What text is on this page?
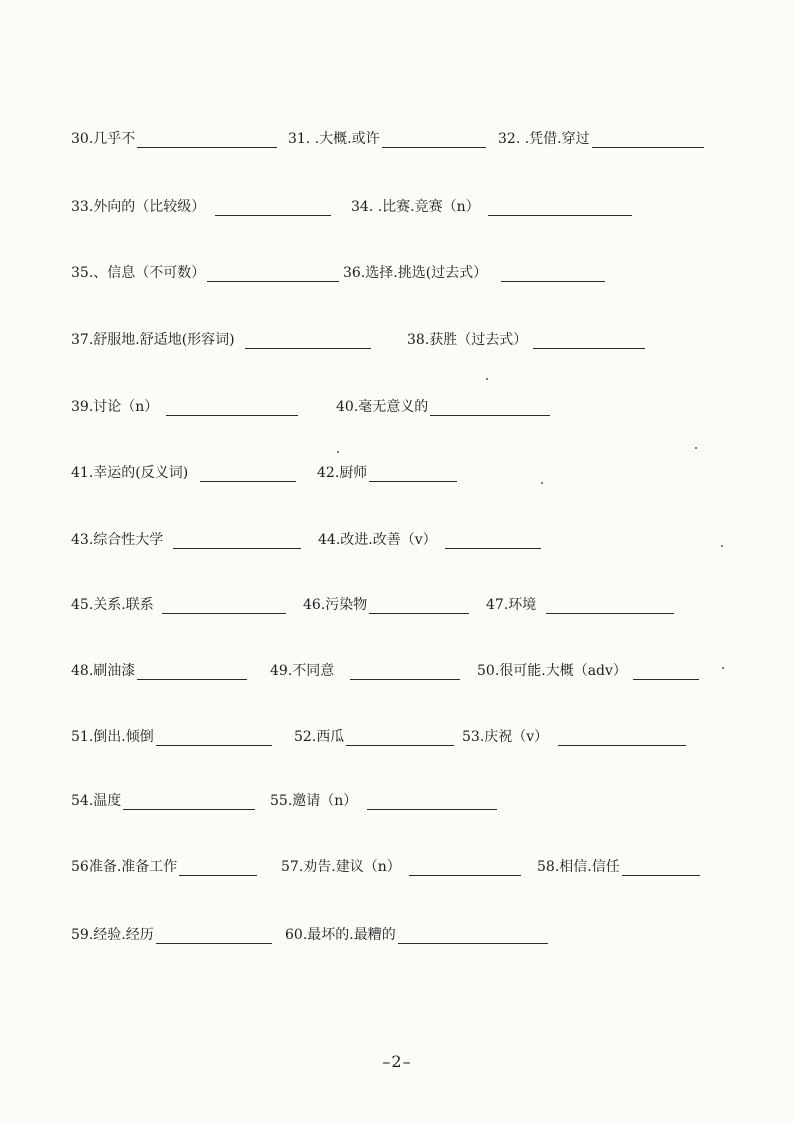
30.几乎不	31. .大概.或许	32. .凭借.穿过
33.外向的（比较级）	34. .比赛.竞赛（n）
35.、信息（不可数）	36.选择.挑选(过去式）
37.舒服地.舒适地(形容词)	38.获胜（过去式）
39.讨论（n）	40.毫无意义的
41.幸运的(反义词)	42.厨师
43.综合性大学	44.改进.改善（v）
45.关系.联系	46.污染物	47.环境
48.刷油漆	49.不同意	50.很可能.大概（adv）
51.倒出.倾倒	52.西瓜	53.庆祝（v）
54.温度	55.邀请（n）
56准备.准备工作	57.劝告.建议（n）	58.相信.信任
59.经验.经历	60.最坏的.最糟的
–2–
